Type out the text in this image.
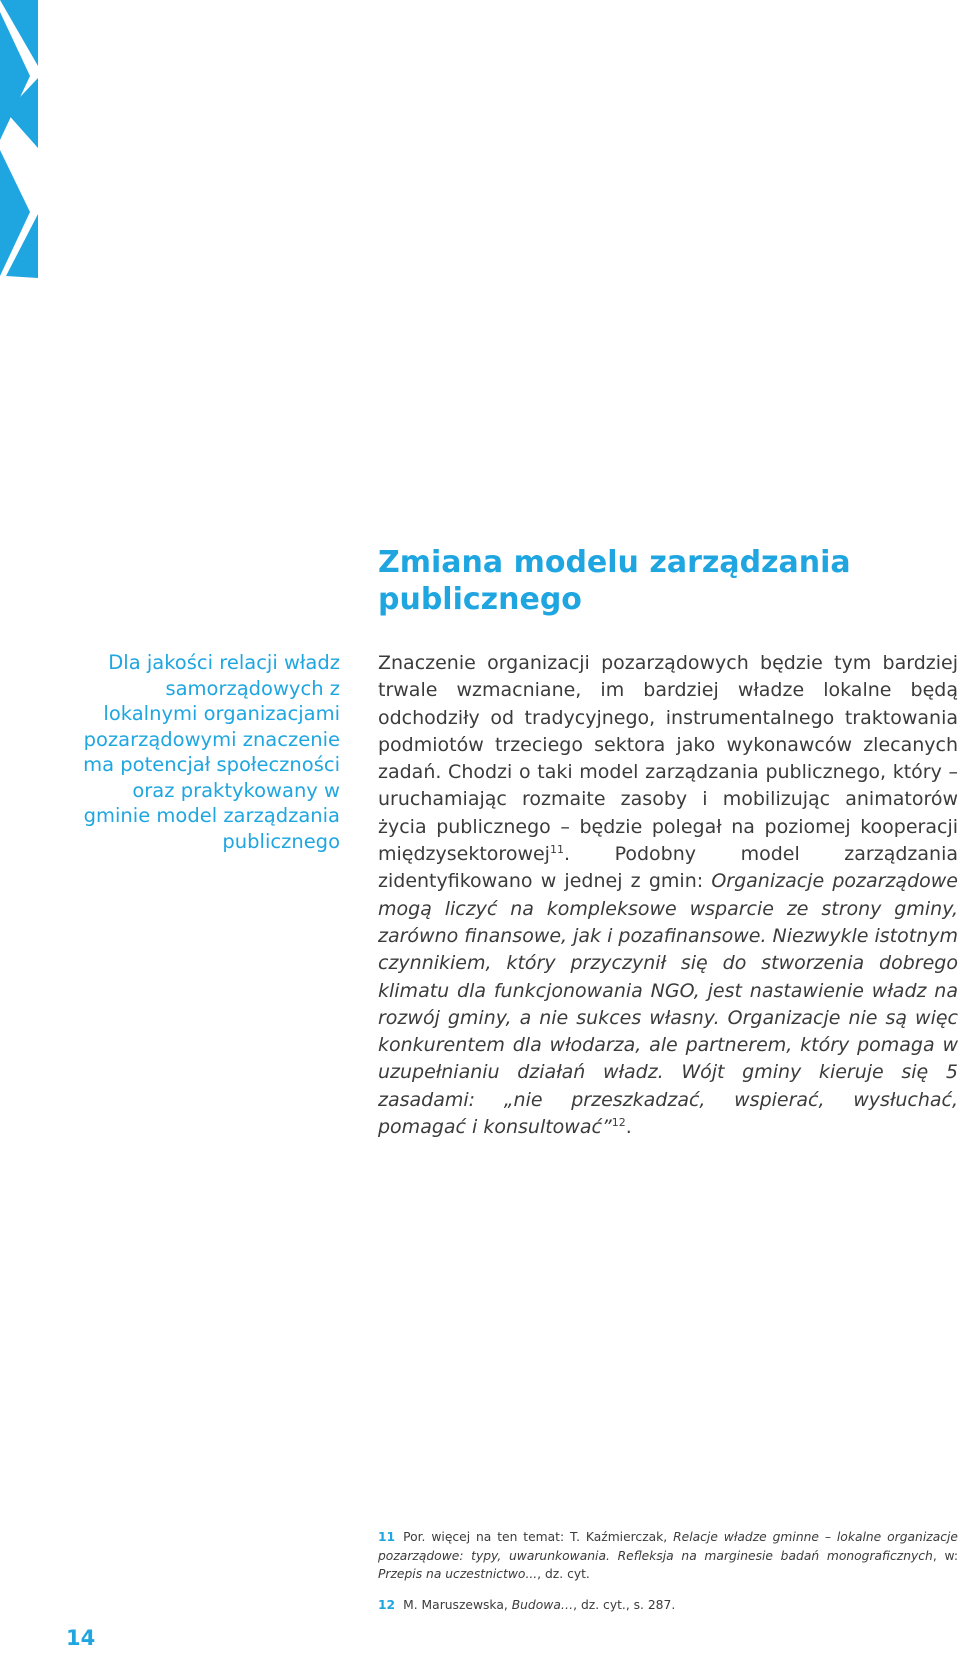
Zmiana modelu zarządzania publicznego
Dla jakości relacji władz samorządowych z lokalnymi organizacjami pozarządowymi znaczenie ma potencjał społeczności oraz praktykowany w gminie model zarządzania publicznego
Znaczenie organizacji pozarządowych będzie tym bardziej trwale wzmacniane, im bardziej władze lokalne będą odchodziły od tradycyjnego, instrumentalnego traktowania podmiotów trzeciego sektora jako wykonawców zlecanych zadań. Chodzi o taki model zarządzania publicznego, który – uruchamiając rozmaite zasoby i mobilizując animatorów życia publicznego – będzie polegał na poziomej kooperacji międzysektorowej$^{11}$. Podobny model zarządzania zidentyfikowano w jednej z gmin: Organizacje pozarządowe mogą liczyć na kompleksowe wsparcie ze strony gminy, zarówno finansowe, jak i pozafinansowe. Niezwykle istotnym czynnikiem, który przyczynił się do stworzenia dobrego klimatu dla funkcjonowania NGO, jest nastawienie władz na rozwój gminy, a nie sukces własny. Organizacje nie są więc konkurentem dla włodarza, ale partnerem, który pomaga w uzupełnianiu działań władz. Wójt gminy kieruje się 5 zasadami: „nie przeszkadzać, wspierać, wysłuchać, pomagać i konsultować”$^{12}$.

11 Por. więcej na ten temat: T. Kaźmierczak, Relacje władze gminne – lokalne organizacje pozarządowe: typy, uwarunkowania. Refleksja na marginesie badań monograficznych, w: Przepis na uczestnictwo..., dz. cyt.

12 M. Maruszewska, Budowa…, dz. cyt., s. 287.

14
